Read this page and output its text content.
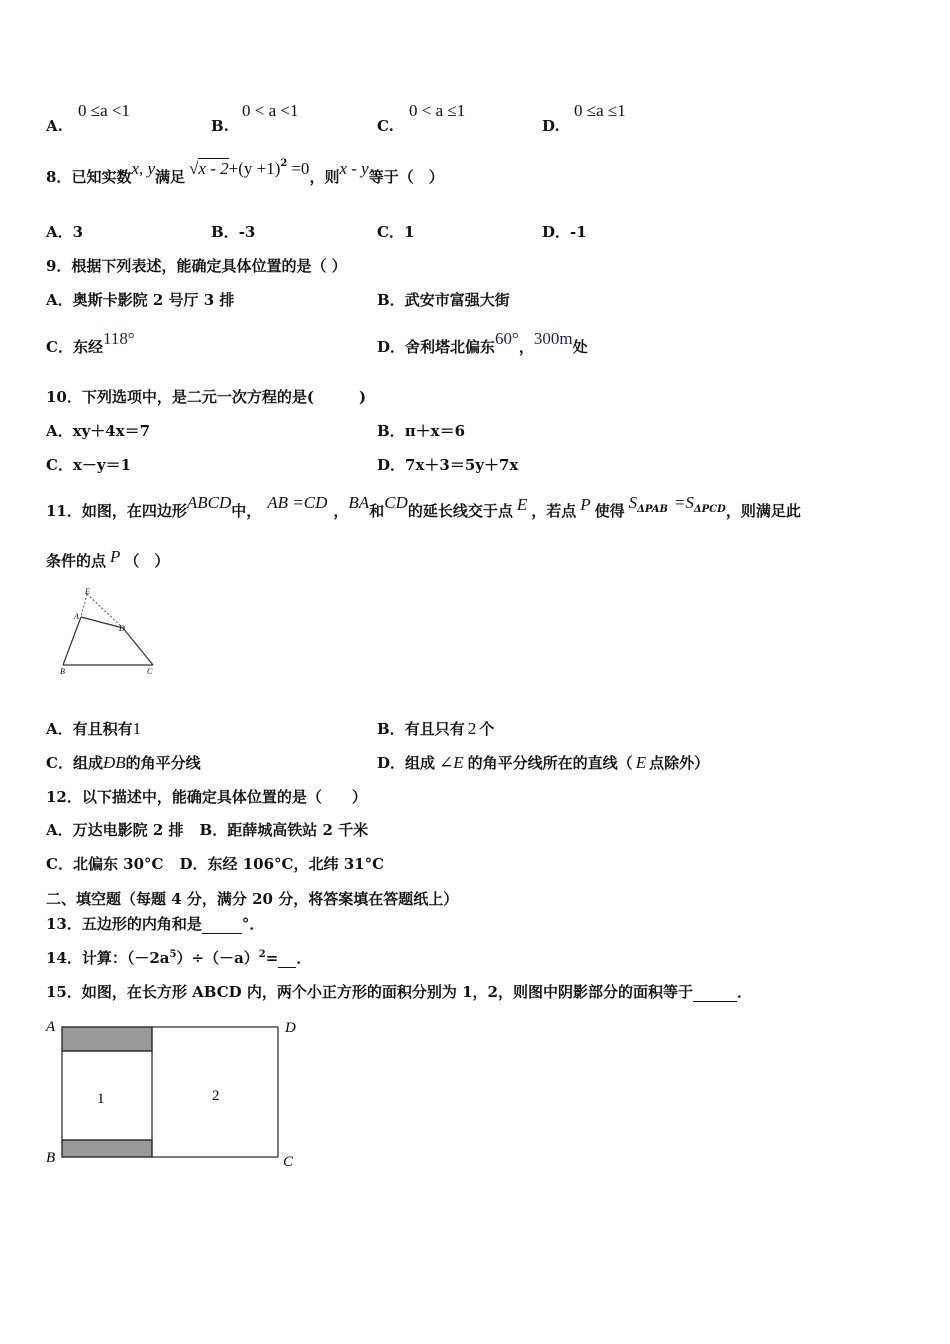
A.
0 ≤a <1
B.
0 < a <1
C.
0 < a ≤1
D.
0 ≤a ≤1
8．已知实数x, y满足 $√x - 2+(y +1)^2 =0$，则x - y等于（　）
A．3	B．-3	C．1	D．-1
9．根据下列表述，能确定具体位置的是（ ）
A．奥斯卡影院 2 号厅 3 排	B．武安市富强大街
C．东经118°	D．舍利塔北偏东60°，300m处
10．下列选项中，是二元一次方程的是(　　　)
A．xy＋4x＝7	B．π＋x＝6
C．x－y＝1	D．7x＋3＝5y＋7x
11．如图，在四边形ABCD中， AB =CD ，BA和CD的延长线交于点 E ，若点 P 使得 $S^{\Delta PAB} =S^{\Delta PCD}$，则满足此
条件的点 P （　）
E
A
D
B	C
A．有且积有1	B．有且只有 2 个
C．组成ÐB的角平分线	D．组成 ∠E 的角平分线所在的直线（ E 点除外）
12．以下描述中，能确定具体位置的是（　　）
A．万达电影院 2 排 B．距薛城高铁站 2 千米
C．北偏东 30°C D．东经 106°C，北纬 31°C
二、填空题（每题 4 分，满分 20 分，将答案填在答题纸上）
13．五边形的内角和是	°．
14．计算：$(-2a^5)\div(-a)^2=$ ．
15．如图，在长方形 ABCD 内，两个小正方形的面积分别为 1，2，则图中阴影部分的面积等于	．
A
B	C
D
1	2
